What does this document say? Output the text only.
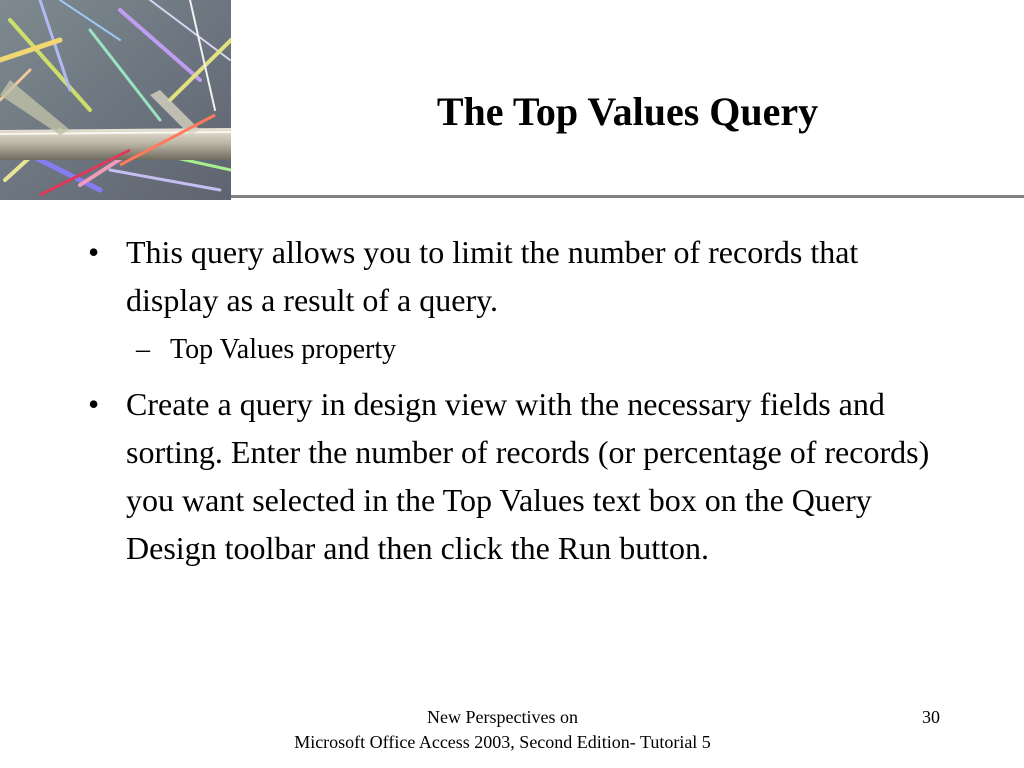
The Top Values Query

• This query allows you to limit the number of records that display as a result of a query.

– Top Values property

• Create a query in design view with the necessary fields and sorting. Enter the number of records (or percentage of records) you want selected in the Top Values text box on the Query Design toolbar and then click the Run button.

New Perspectives on
Microsoft Office Access 2003, Second Edition- Tutorial 5
30
